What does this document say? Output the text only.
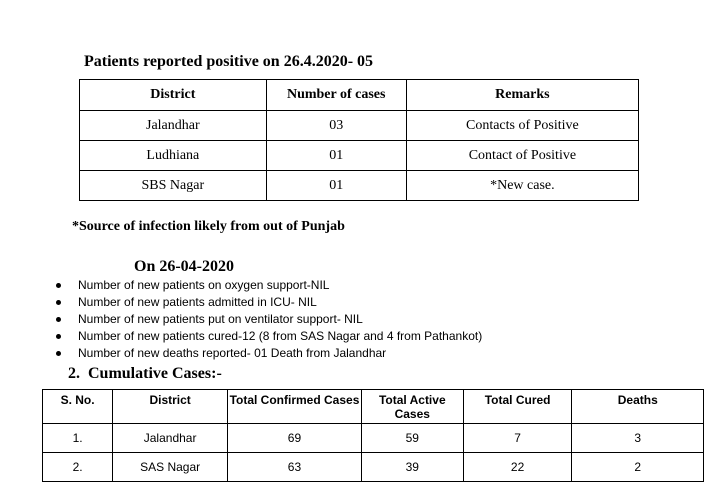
Patients reported positive on 26.4.2020- 05
District	Number of cases	Remarks
Jalandhar	03	Contacts of Positive
Ludhiana	01	Contact of Positive
SBS Nagar	01	*New case.
*Source of infection likely from out of Punjab
On 26-04-2020
Number of new patients on oxygen support-NIL
Number of new patients admitted in ICU- NIL
Number of new patients put on ventilator support- NIL
Number of new patients cured-12 (8 from SAS Nagar and 4 from Pathankot)
Number of new deaths reported- 01 Death from Jalandhar
2. Cumulative Cases:-
S. No.	District	Total Confirmed Cases	Total Active Cases	Total Cured	Deaths
1.	Jalandhar	69	59	7	3
2.	SAS Nagar	63	39	22	2
